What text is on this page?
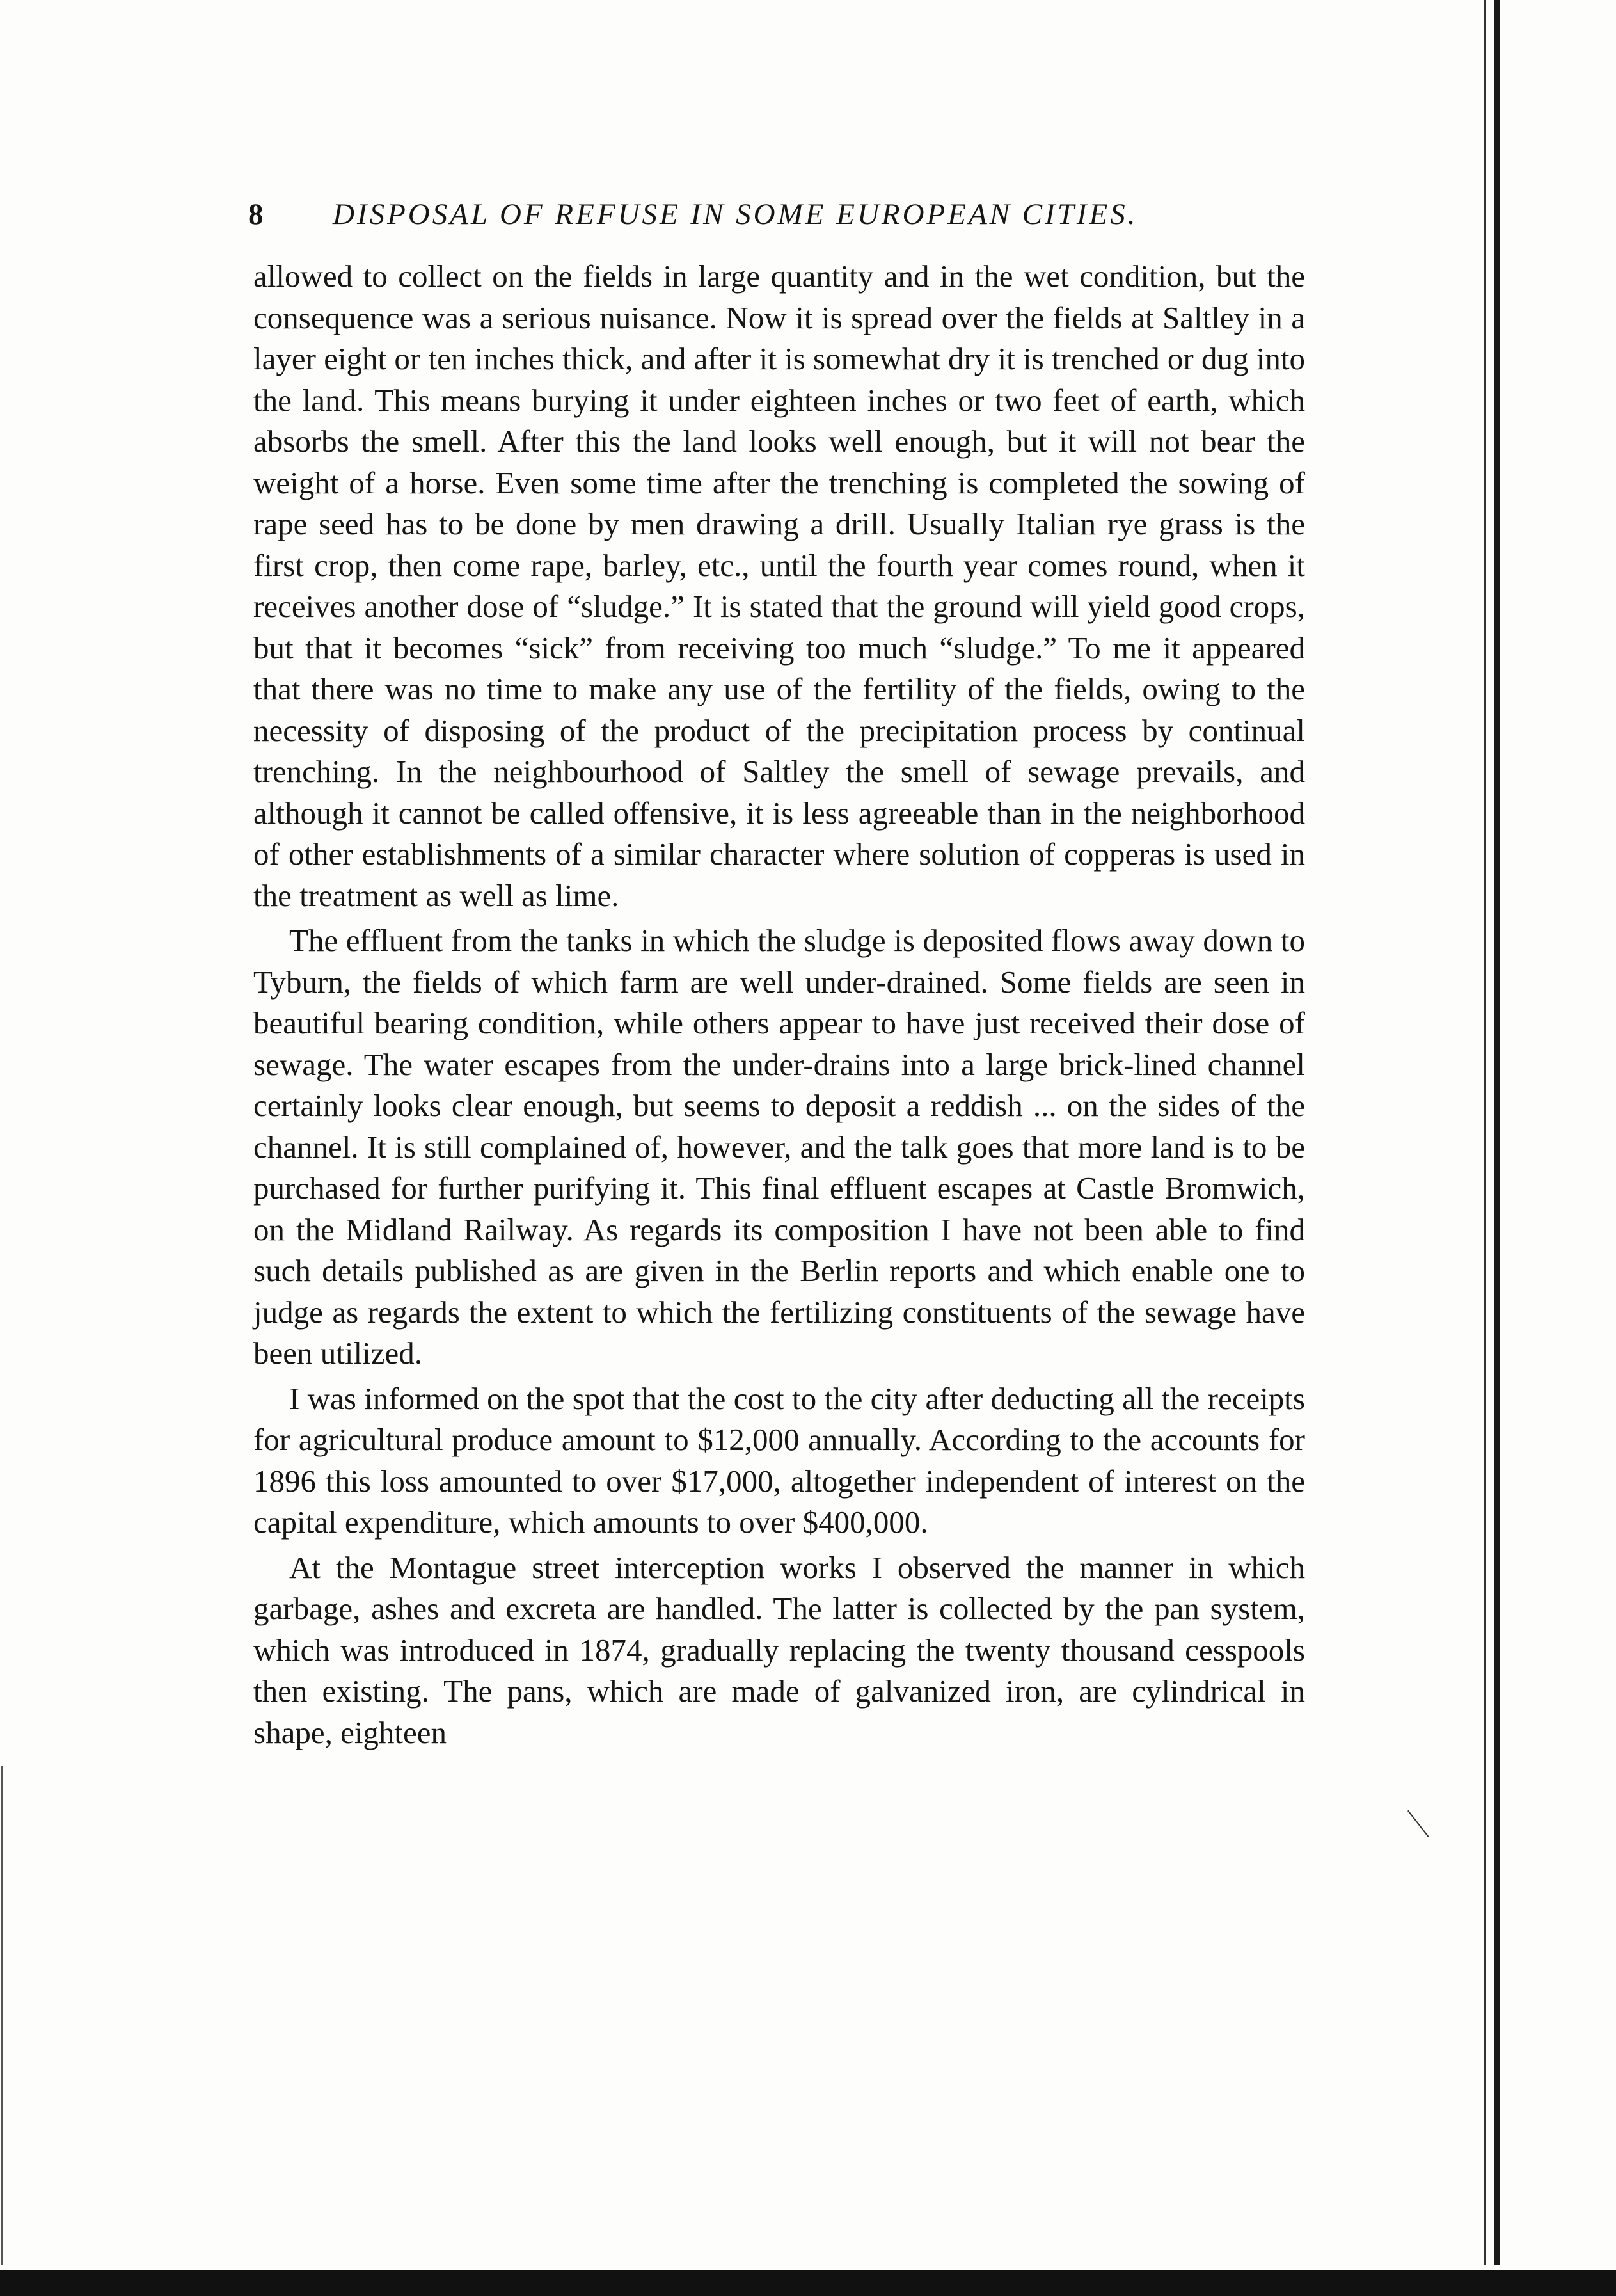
8 DISPOSAL OF REFUSE IN SOME EUROPEAN CITIES.

allowed to collect on the fields in large quantity and in the wet condition, but the consequence was a serious nuisance. Now it is spread over the fields at Saltley in a layer eight or ten inches thick, and after it is somewhat dry it is trenched or dug into the land. This means burying it under eighteen inches or two feet of earth, which absorbs the smell. After this the land looks well enough, but it will not bear the weight of a horse. Even some time after the trenching is completed the sowing of rape seed has to be done by men drawing a drill. Usually Italian rye grass is the first crop, then come rape, barley, etc., until the fourth year comes round, when it receives another dose of “sludge.” It is stated that the ground will yield good crops, but that it becomes “sick” from receiving too much “sludge.” To me it appeared that there was no time to make any use of the fertility of the fields, owing to the necessity of disposing of the product of the precipitation process by continual trenching. In the neighbourhood of Saltley the smell of sewage prevails, and although it cannot be called offensive, it is less agreeable than in the neighborhood of other establishments of a similar character where solution of copperas is used in the treatment as well as lime.

The effluent from the tanks in which the sludge is deposited flows away down to Tyburn, the fields of which farm are well under-drained. Some fields are seen in beautiful bearing condition, while others appear to have just received their dose of sewage. The water escapes from the under-drains into a large brick-lined channel certainly looks clear enough, but seems to deposit a reddish ... on the sides of the channel. It is still complained of, however, and the talk goes that more land is to be purchased for further purifying it. This final effluent escapes at Castle Bromwich, on the Midland Railway. As regards its composition I have not been able to find such details published as are given in the Berlin reports and which enable one to judge as regards the extent to which the fertilizing constituents of the sewage have been utilized.

I was informed on the spot that the cost to the city after deducting all the receipts for agricultural produce amount to $12,000 annually. According to the accounts for 1896 this loss amounted to over $17,000, altogether independent of interest on the capital expenditure, which amounts to over $400,000.

At the Montague street interception works I observed the manner in which garbage, ashes and excreta are handled. The latter is collected by the pan system, which was introduced in 1874, gradually replacing the twenty thousand cesspools then existing. The pans, which are made of galvanized iron, are cylindrical in shape, eighteen
